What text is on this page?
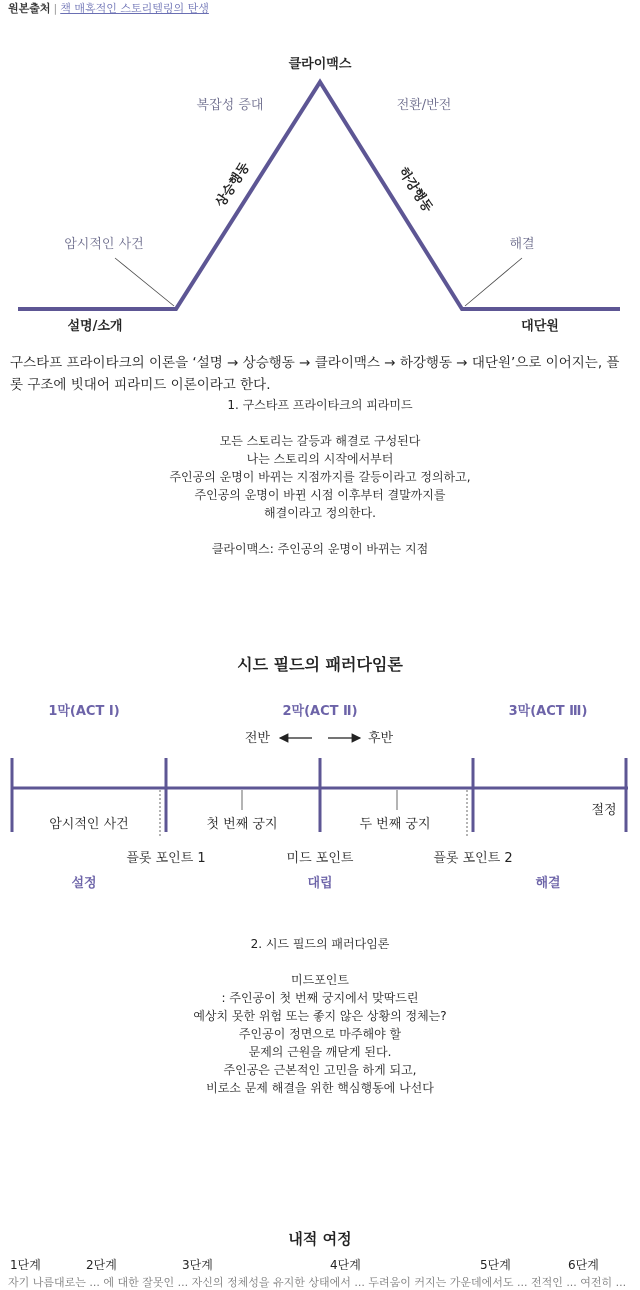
원본출처 | 책 매혹적인 스토리텔링의 탄생
클라이맥스
복잡성 증대	전환/반전
상승행동	하강행동
암시적인 사건	해결
설명/소개	대단원
구스타프 프라이타크의 이론을 ‘설명 → 상승행동 → 클라이맥스 → 하강행동 → 대단원’으로 이어지는, 플롯 구조에 빗대어 피라미드 이론이라고 한다.
1. 구스타프 프라이타크의 피라미드
모든 스토리는 갈등과 해결로 구성된다
나는 스토리의 시작에서부터
주인공의 운명이 바뀌는 지점까지를 갈등이라고 정의하고,
주인공의 운명이 바뀐 시점 이후부터 결말까지를
해결이라고 정의한다.
클라이맥스: 주인공의 운명이 바뀌는 지점
시드 필드의 패러다임론
1막(ACT Ⅰ)	2막(ACT Ⅱ)	3막(ACT Ⅲ)
전반	후반
암시적인 사건	첫 번째 궁지	두 번째 궁지
절정
플롯 포인트 1	미드 포인트	플롯 포인트 2
설정	대립	해결
2. 시드 필드의 패러다임론
미드포인트
: 주인공이 첫 번째 궁지에서 맞딱드린
예상치 못한 위험 또는 좋지 않은 상황의 정체는?
주인공이 정면으로 마주해야 할
문제의 근원을 깨닫게 된다.
주인공은 근본적인 고민을 하게 되고,
비로소 문제 해결을 위한 핵심행동에 나선다
내적 여정
1단계	2단계	3단계	4단계	5단계	6단계
자기 나름대로는 ... 에 대한 잘못인 ... 자신의 정체성을 유지한 상태에서 ... 두려움이 커지는 가운데에서도 ... 전적인 ... 여전히 ...
